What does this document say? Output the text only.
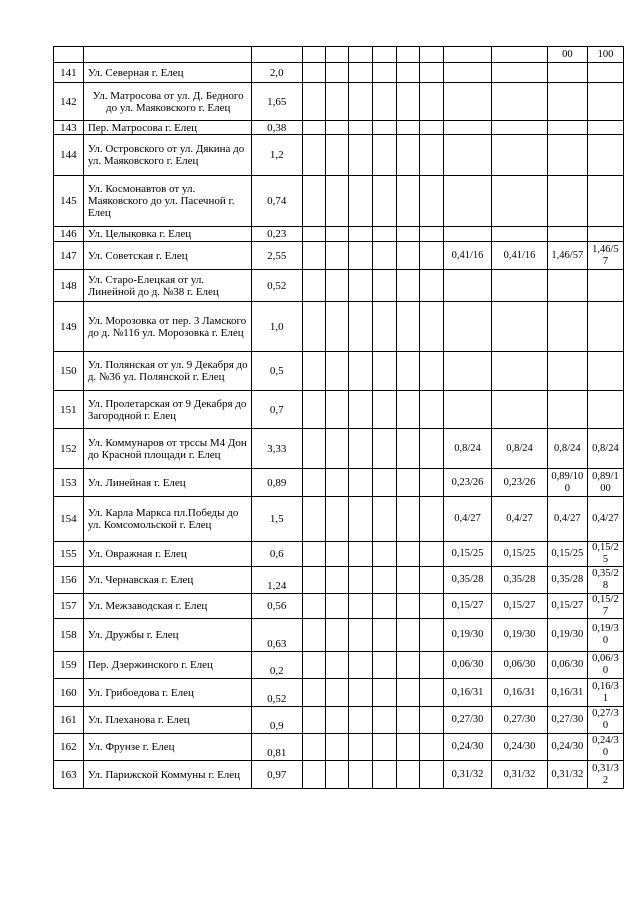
											00	100
141	Ул. Северная г. Елец	2,0										
142	Ул. Матросова от ул. Д. Бедного до ул. Маяковского г. Елец	1,65										
143	Пер. Матросова г. Елец	0,38										
144	Ул. Островского от ул. Дякина до ул. Маяковского г. Елец	1,2										
145	Ул. Космонавтов от ул. Маяковского до ул. Пасечной г. Елец	0,74										
146	Ул. Целыковка г. Елец	0,23										
147	Ул. Советская г. Елец	2,55							0,41/16	0,41/16	1,46/57	1,46/57
148	Ул. Старо-Елецкая от ул. Линейной до д. №38 г. Елец	0,52										
149	Ул. Морозовка от пер. 3 Ламского до д. №116 ул. Морозовка г. Елец	1,0										
150	Ул. Полянская от ул. 9 Декабря до д. №36 ул. Полянской г. Елец	0,5										
151	Ул. Пролетарская от 9 Декабря до Загородной г. Елец	0,7										
152	Ул. Коммунаров от трссы М4 Дон до Красной площади г. Елец	3,33							0,8/24	0,8/24	0,8/24	0,8/24
153	Ул. Линейная г. Елец	0,89							0,23/26	0,23/26	0,89/100	0,89/100
154	Ул. Карла Маркса пл.Победы до ул. Комсомольской г. Елец	1,5							0,4/27	0,4/27	0,4/27	0,4/27
155	Ул. Овражная г. Елец	0,6							0,15/25	0,15/25	0,15/25	0,15/25
156	Ул. Чернавская г. Елец	1,24							0,35/28	0,35/28	0,35/28	0,35/28
157	Ул. Межзаводская г. Елец	0,56							0,15/27	0,15/27	0,15/27	0,15/27
158	Ул. Дружбы г. Елец	0,63							0,19/30	0,19/30	0,19/30	0,19/30
159	Пер. Дзержинского г. Елец	0,2							0,06/30	0,06/30	0,06/30	0,06/30
160	Ул. Грибоедова г. Елец	0,52							0,16/31	0,16/31	0,16/31	0,16/31
161	Ул. Плеханова г. Елец	0,9							0,27/30	0,27/30	0,27/30	0,27/30
162	Ул. Фрунзе г. Елец	0,81							0,24/30	0,24/30	0,24/30	0,24/30
163	Ул. Парижской Коммуны г. Елец	0,97							0,31/32	0,31/32	0,31/32	0,31/32
